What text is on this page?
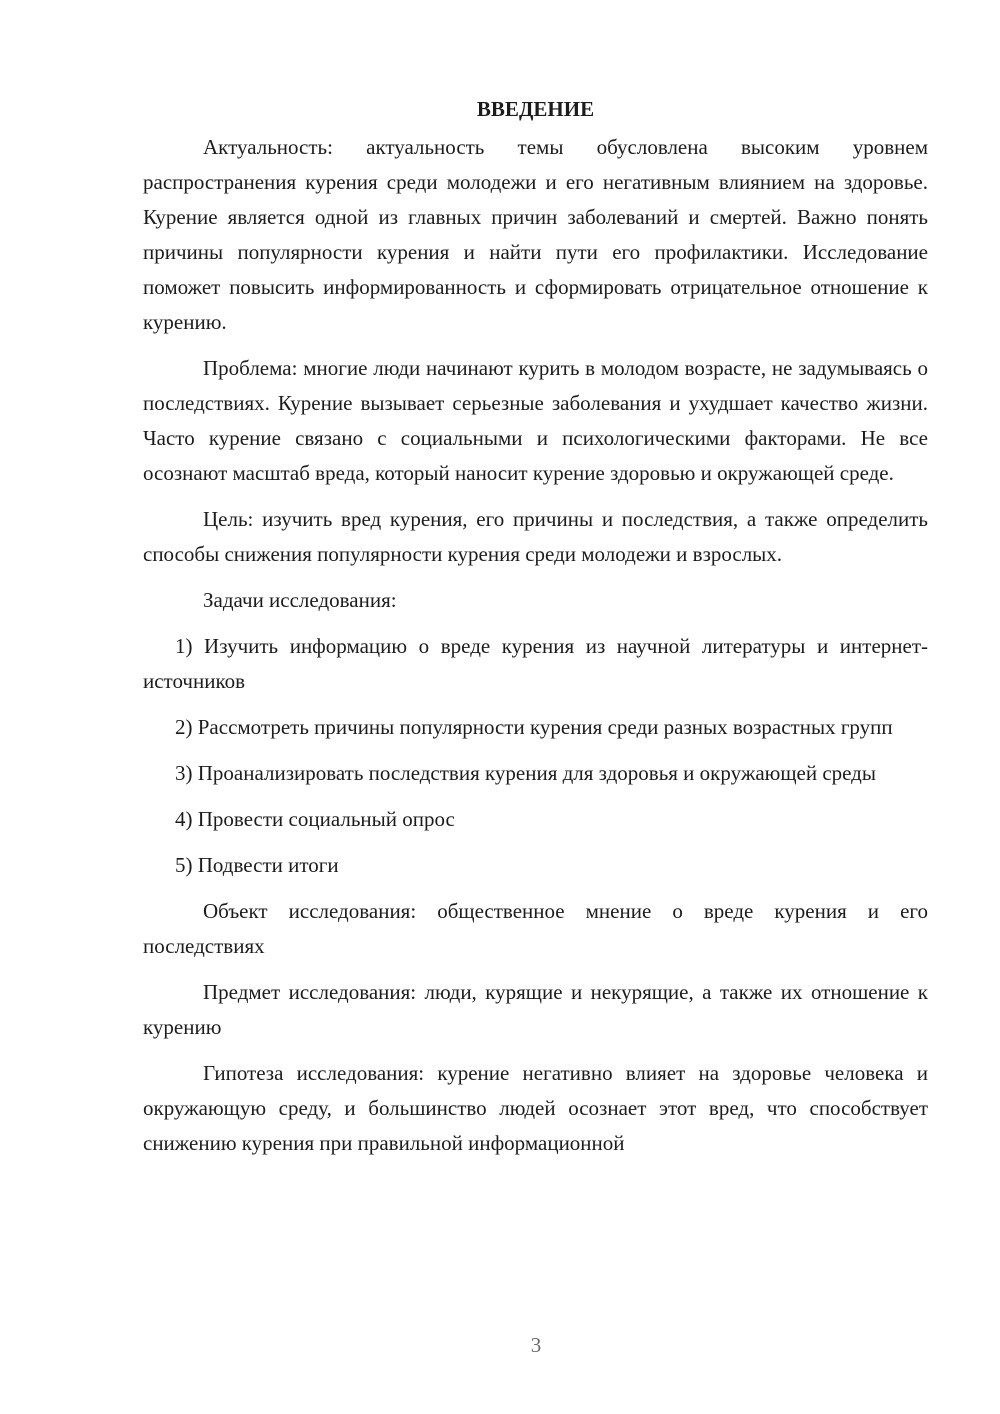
ВВЕДЕНИЕ

Актуальность: актуальность темы обусловлена высоким уровнем распространения курения среди молодежи и его негативным влиянием на здоровье. Курение является одной из главных причин заболеваний и смертей. Важно понять причины популярности курения и найти пути его профилактики. Исследование поможет повысить информированность и сформировать отрицательное отношение к курению.

Проблема: многие люди начинают курить в молодом возрасте, не задумываясь о последствиях. Курение вызывает серьезные заболевания и ухудшает качество жизни. Часто курение связано с социальными и психологическими факторами. Не все осознают масштаб вреда, который наносит курение здоровью и окружающей среде.

Цель: изучить вред курения, его причины и последствия, а также определить способы снижения популярности курения среди молодежи и взрослых.

Задачи исследования:

1) Изучить информацию о вреде курения из научной литературы и интернет-источников

2) Рассмотреть причины популярности курения среди разных возрастных групп

3) Проанализировать последствия курения для здоровья и окружающей среды

4) Провести социальный опрос

5) Подвести итоги

Объект исследования: общественное мнение о вреде курения и его последствиях

Предмет исследования: люди, курящие и некурящие, а также их отношение к курению

Гипотеза исследования: курение негативно влияет на здоровье человека и окружающую среду, и большинство людей осознает этот вред, что способствует снижению курения при правильной информационной

3
